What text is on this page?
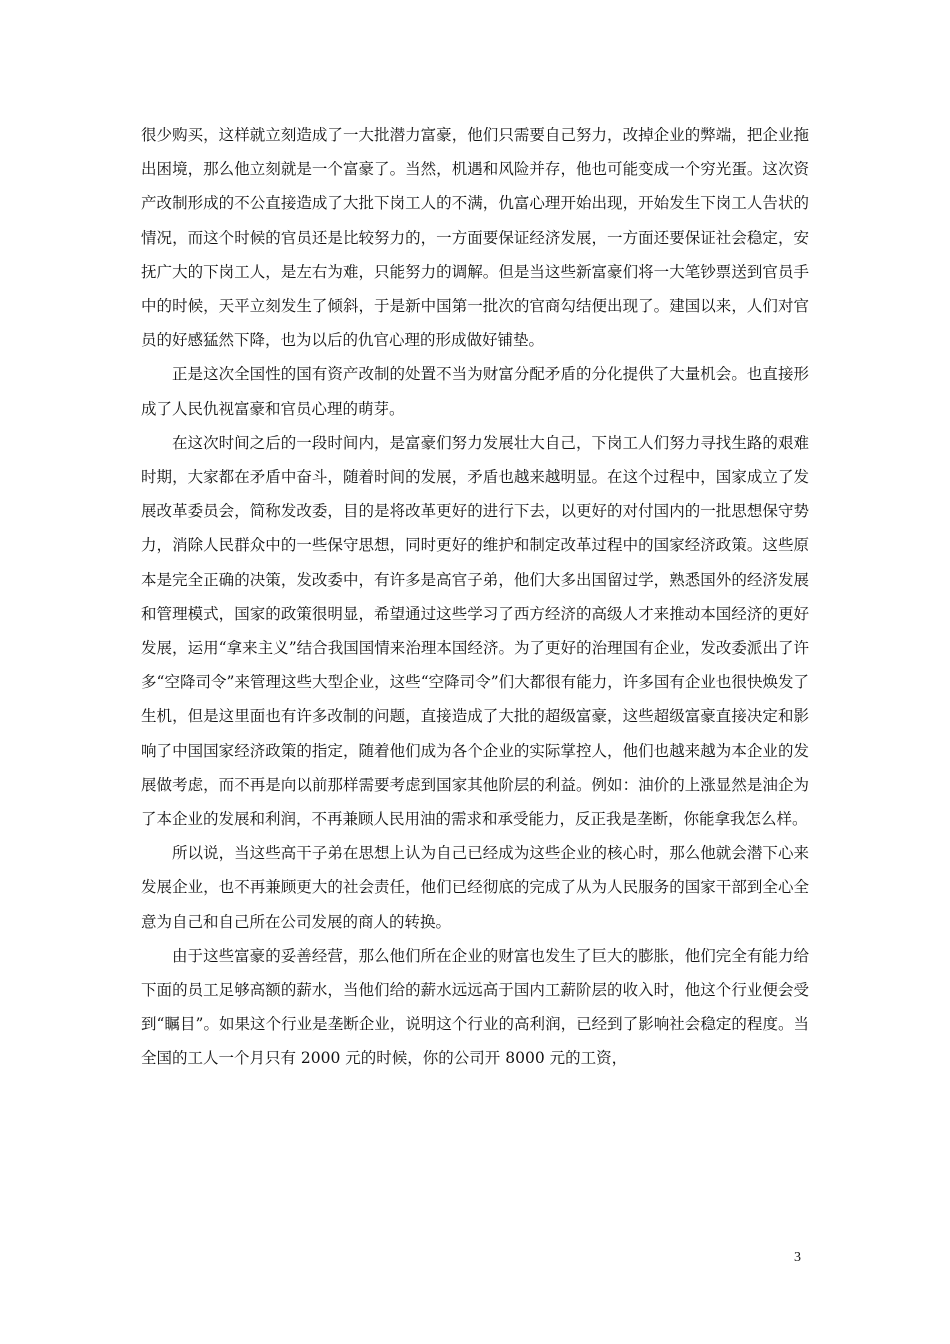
很少购买，这样就立刻造成了一大批潜力富豪，他们只需要自己努力，改掉企业的弊端，把企业拖出困境，那么他立刻就是一个富豪了。当然，机遇和风险并存，他也可能变成一个穷光蛋。这次资产改制形成的不公直接造成了大批下岗工人的不满，仇富心理开始出现，开始发生下岗工人告状的情况，而这个时候的官员还是比较努力的，一方面要保证经济发展，一方面还要保证社会稳定，安抚广大的下岗工人，是左右为难，只能努力的调解。但是当这些新富豪们将一大笔钞票送到官员手中的时候，天平立刻发生了倾斜，于是新中国第一批次的官商勾结便出现了。建国以来，人们对官员的好感猛然下降，也为以后的仇官心理的形成做好铺垫。

正是这次全国性的国有资产改制的处置不当为财富分配矛盾的分化提供了大量机会。也直接形成了人民仇视富豪和官员心理的萌芽。

在这次时间之后的一段时间内，是富豪们努力发展壮大自己，下岗工人们努力寻找生路的艰难时期，大家都在矛盾中奋斗，随着时间的发展，矛盾也越来越明显。在这个过程中，国家成立了发展改革委员会，简称发改委，目的是将改革更好的进行下去，以更好的对付国内的一批思想保守势力，消除人民群众中的一些保守思想，同时更好的维护和制定改革过程中的国家经济政策。这些原本是完全正确的决策，发改委中，有许多是高官子弟，他们大多出国留过学，熟悉国外的经济发展和管理模式，国家的政策很明显，希望通过这些学习了西方经济的高级人才来推动本国经济的更好发展，运用“拿来主义”结合我国国情来治理本国经济。为了更好的治理国有企业，发改委派出了许多“空降司令”来管理这些大型企业，这些“空降司令”们大都很有能力，许多国有企业也很快焕发了生机，但是这里面也有许多改制的问题，直接造成了大批的超级富豪，这些超级富豪直接决定和影响了中国国家经济政策的指定，随着他们成为各个企业的实际掌控人，他们也越来越为本企业的发展做考虑，而不再是向以前那样需要考虑到国家其他阶层的利益。例如：油价的上涨显然是油企为了本企业的发展和利润，不再兼顾人民用油的需求和承受能力，反正我是垄断，你能拿我怎么样。

所以说，当这些高干子弟在思想上认为自己已经成为这些企业的核心时，那么他就会潜下心来发展企业，也不再兼顾更大的社会责任，他们已经彻底的完成了从为人民服务的国家干部到全心全意为自己和自己所在公司发展的商人的转换。

由于这些富豪的妥善经营，那么他们所在企业的财富也发生了巨大的膨胀，他们完全有能力给下面的员工足够高额的薪水，当他们给的薪水远远高于国内工薪阶层的收入时，他这个行业便会受到“瞩目”。如果这个行业是垄断企业，说明这个行业的高利润，已经到了影响社会稳定的程度。当全国的工人一个月只有 2000 元的时候，你的公司开 8000 元的工资，

3
